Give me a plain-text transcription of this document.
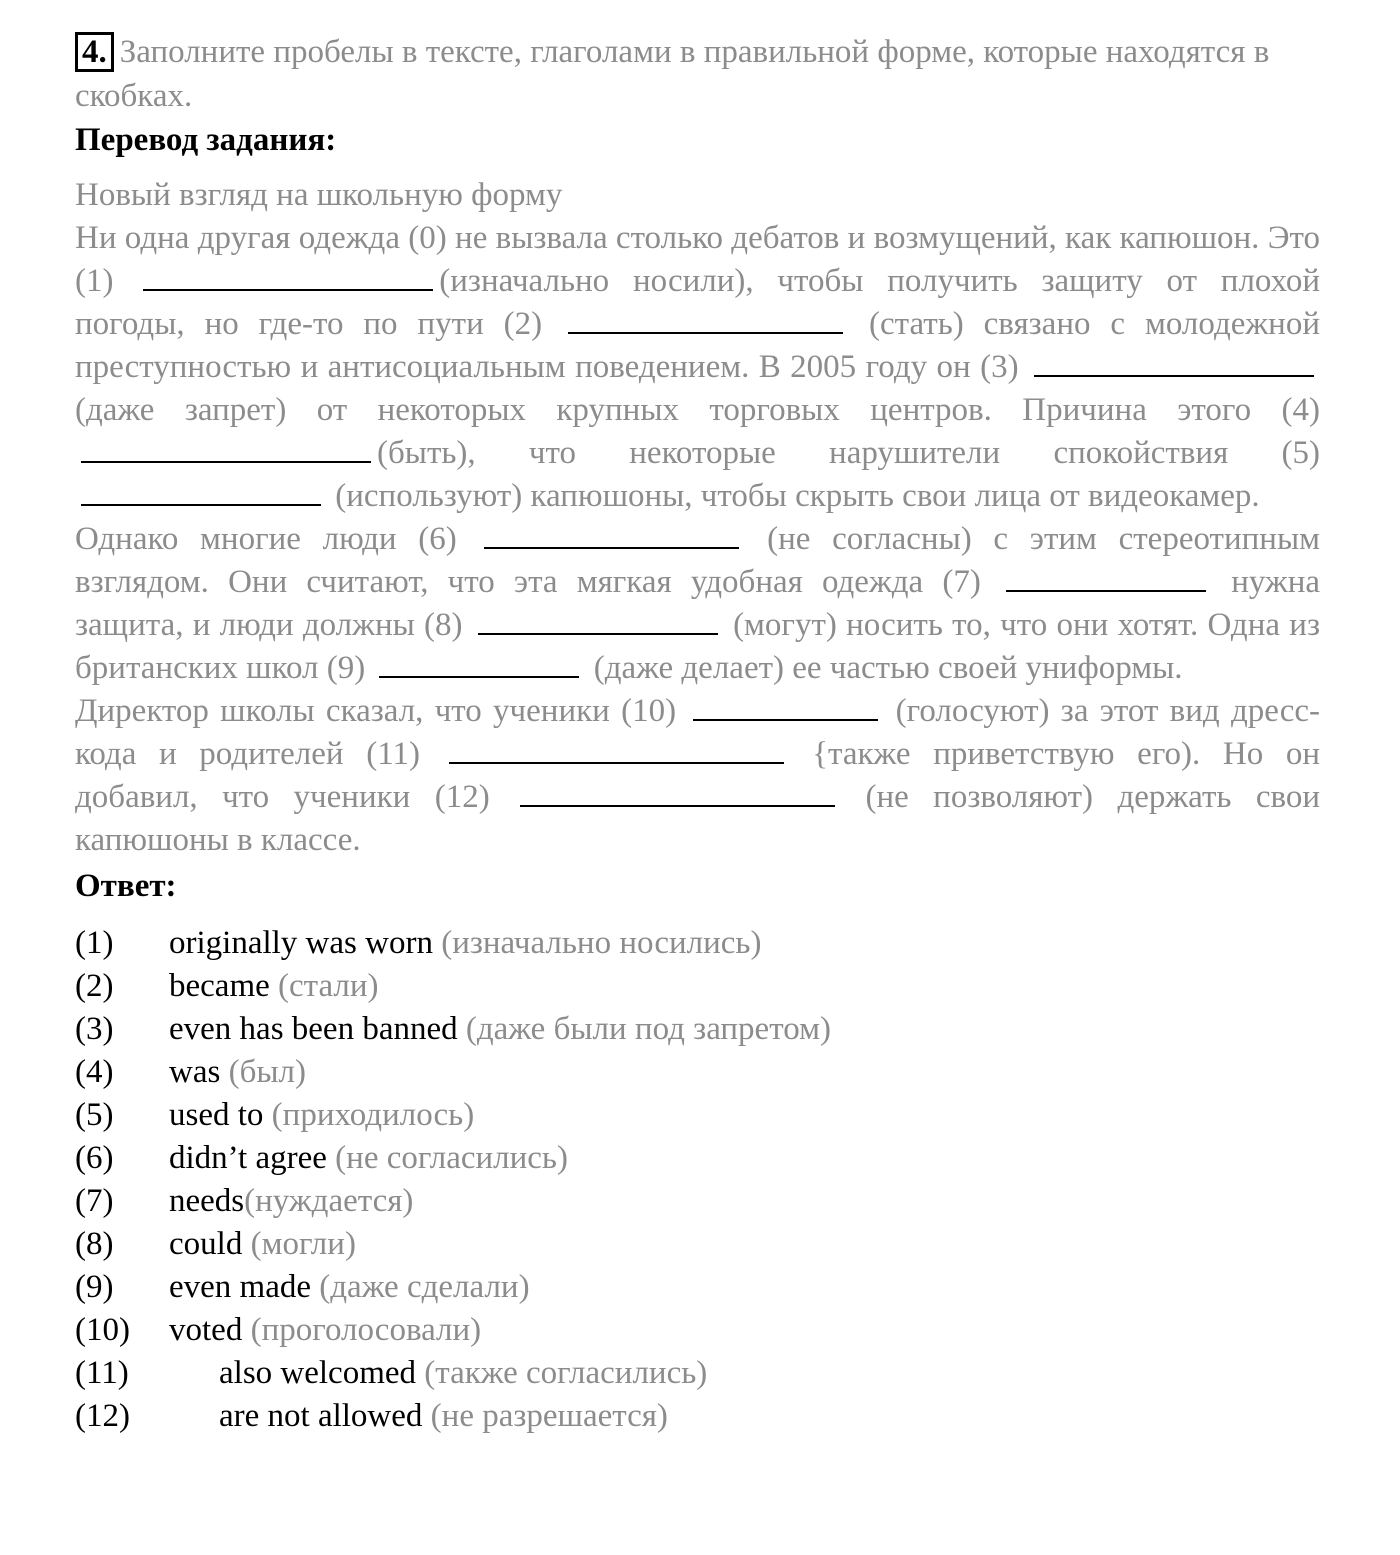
4. Заполните пробелы в тексте, глаголами в правильной форме, которые находятся в скобках.
Перевод задания:
Новый взгляд на школьную форму
Ни одна другая одежда (0) не вызвала столько дебатов и возмущений, как капюшон. Это (1)	(изначально носили), чтобы получить защиту от плохой погоды, но где-то по пути (2)	(стать) связано с молодежной преступностью и антисоциальным поведением. В 2005 году он (3)  (даже запрет) от некоторых крупных торговых центров. Причина этого (4) (быть), что некоторые нарушители спокойствия (5)  (используют) капюшоны, чтобы скрыть свои лица от видеокамер.
Однако многие люди (6)	(не согласны) с этим стереотипным взглядом. Они считают, что эта мягкая удобная одежда (7)	нужна защита, и люди должны (8)	(могут) носить то, что они хотят. Одна из британских школ (9)	(даже делает) ее частью своей униформы.
Директор школы сказал, что ученики (10)	(голосуют) за этот вид дресс-кода и родителей (11)	{также приветствую его). Но он добавил, что ученики (12)	(не позволяют) держать свои капюшоны в классе.
Ответ:
(1)	originally was worn (изначально носились)
(2)	became (стали)
(3)	even has been banned (даже были под запретом)
(4)	was (был)
(5)	used to (приходилось)
(6)	didn’t agree (не согласились)
(7)	needs(нуждается)
(8)	could (могли)
(9)	even made (даже сделали)
(10)	voted (проголосовали)
(11)	also welcomed (также согласились)
(12)	are not allowed (не разрешается)
